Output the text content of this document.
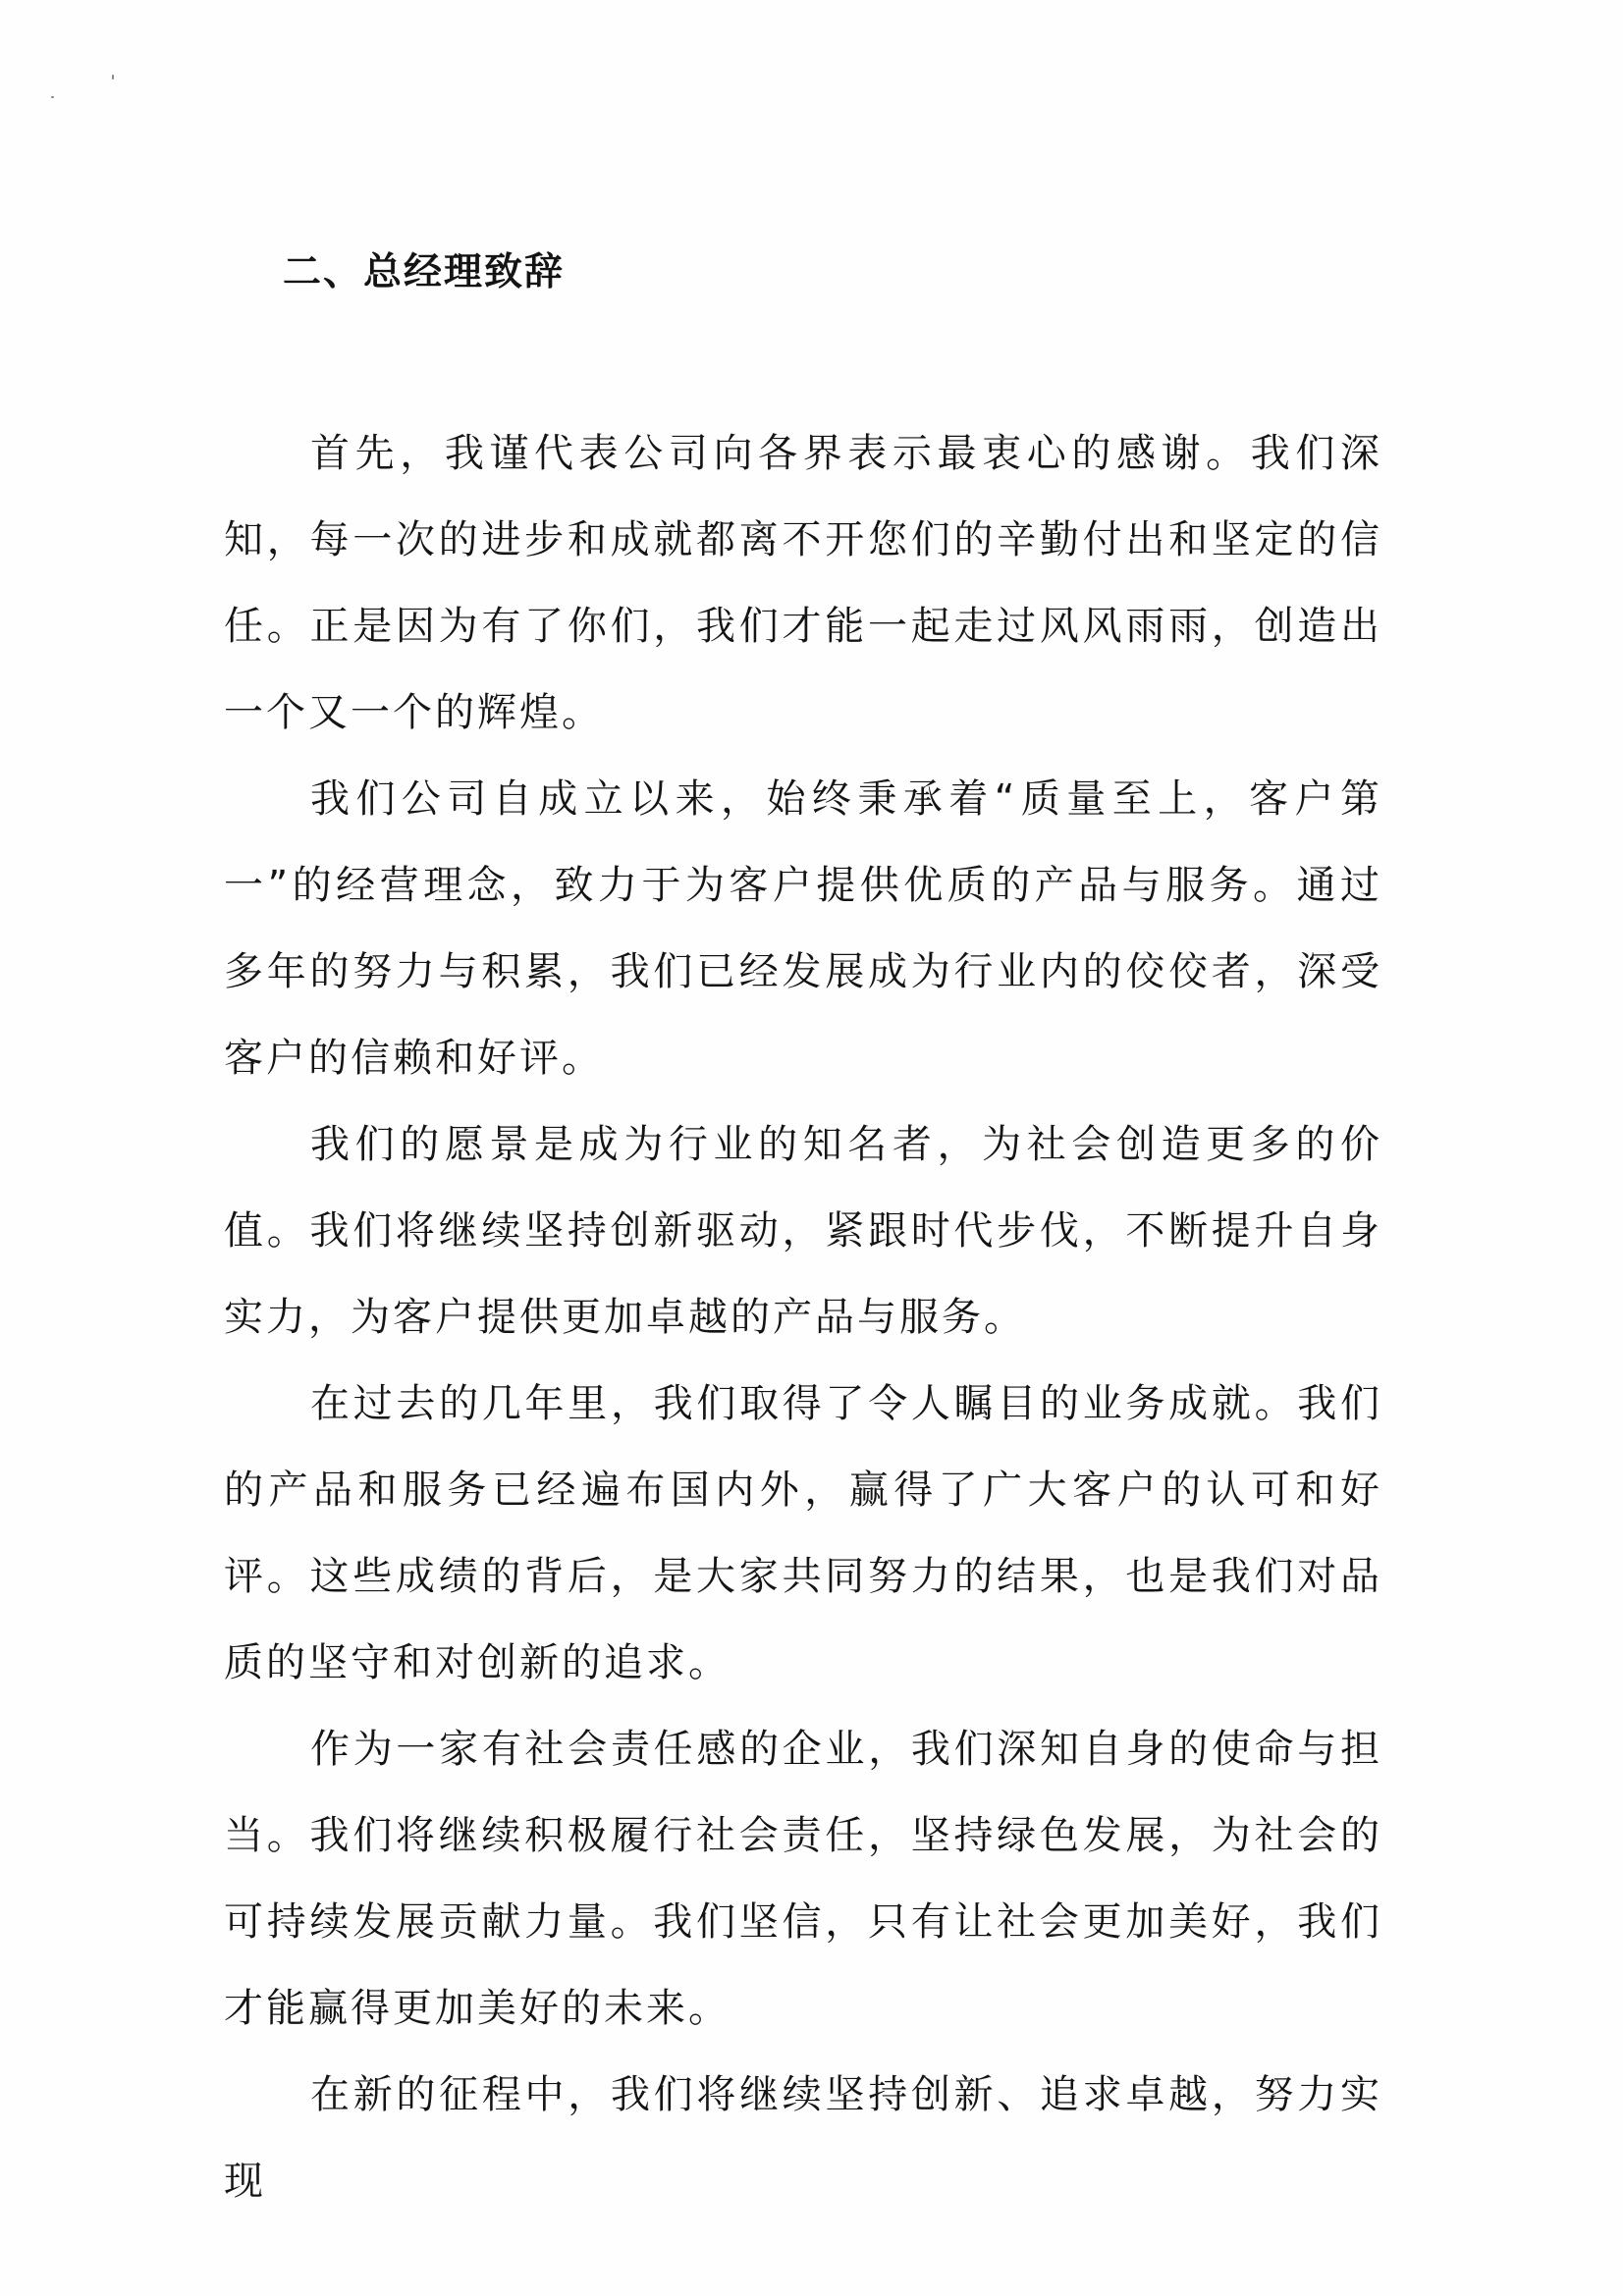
二、总经理致辞

首先，我谨代表公司向各界表示最衷心的感谢。我们深知，每一次的进步和成就都离不开您们的辛勤付出和坚定的信任。正是因为有了你们，我们才能一起走过风风雨雨，创造出一个又一个的辉煌。

我们公司自成立以来，始终秉承着“质量至上，客户第一”的经营理念，致力于为客户提供优质的产品与服务。通过多年的努力与积累，我们已经发展成为行业内的佼佼者，深受客户的信赖和好评。

我们的愿景是成为行业的知名者，为社会创造更多的价值。我们将继续坚持创新驱动，紧跟时代步伐，不断提升自身实力，为客户提供更加卓越的产品与服务。

在过去的几年里，我们取得了令人瞩目的业务成就。我们的产品和服务已经遍布国内外，赢得了广大客户的认可和好评。这些成绩的背后，是大家共同努力的结果，也是我们对品质的坚守和对创新的追求。

作为一家有社会责任感的企业，我们深知自身的使命与担当。我们将继续积极履行社会责任，坚持绿色发展，为社会的可持续发展贡献力量。我们坚信，只有让社会更加美好，我们才能赢得更加美好的未来。

在新的征程中，我们将继续坚持创新、追求卓越，努力实现
